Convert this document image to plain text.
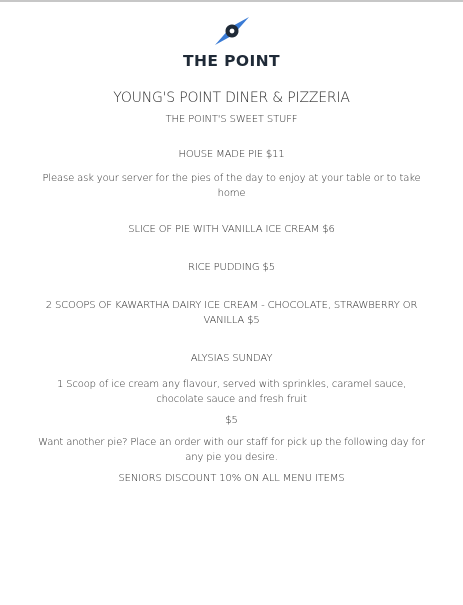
THE POINT
YOUNG'S POINT DINER & PIZZERIA
THE POINT'S SWEET STUFF
HOUSE MADE PIE $11
Please ask your server for the pies of the day to enjoy at your table or to take home
SLICE OF PIE WITH VANILLA ICE CREAM $6
RICE PUDDING $5
2 SCOOPS OF KAWARTHA DAIRY ICE CREAM - CHOCOLATE, STRAWBERRY OR VANILLA $5
ALYSIAS SUNDAY
1 Scoop of ice cream any flavour, served with sprinkles, caramel sauce, chocolate sauce and fresh fruit
$5
Want another pie? Place an order with our staff for pick up the following day for any pie you desire.
SENIORS DISCOUNT 10% ON ALL MENU ITEMS
